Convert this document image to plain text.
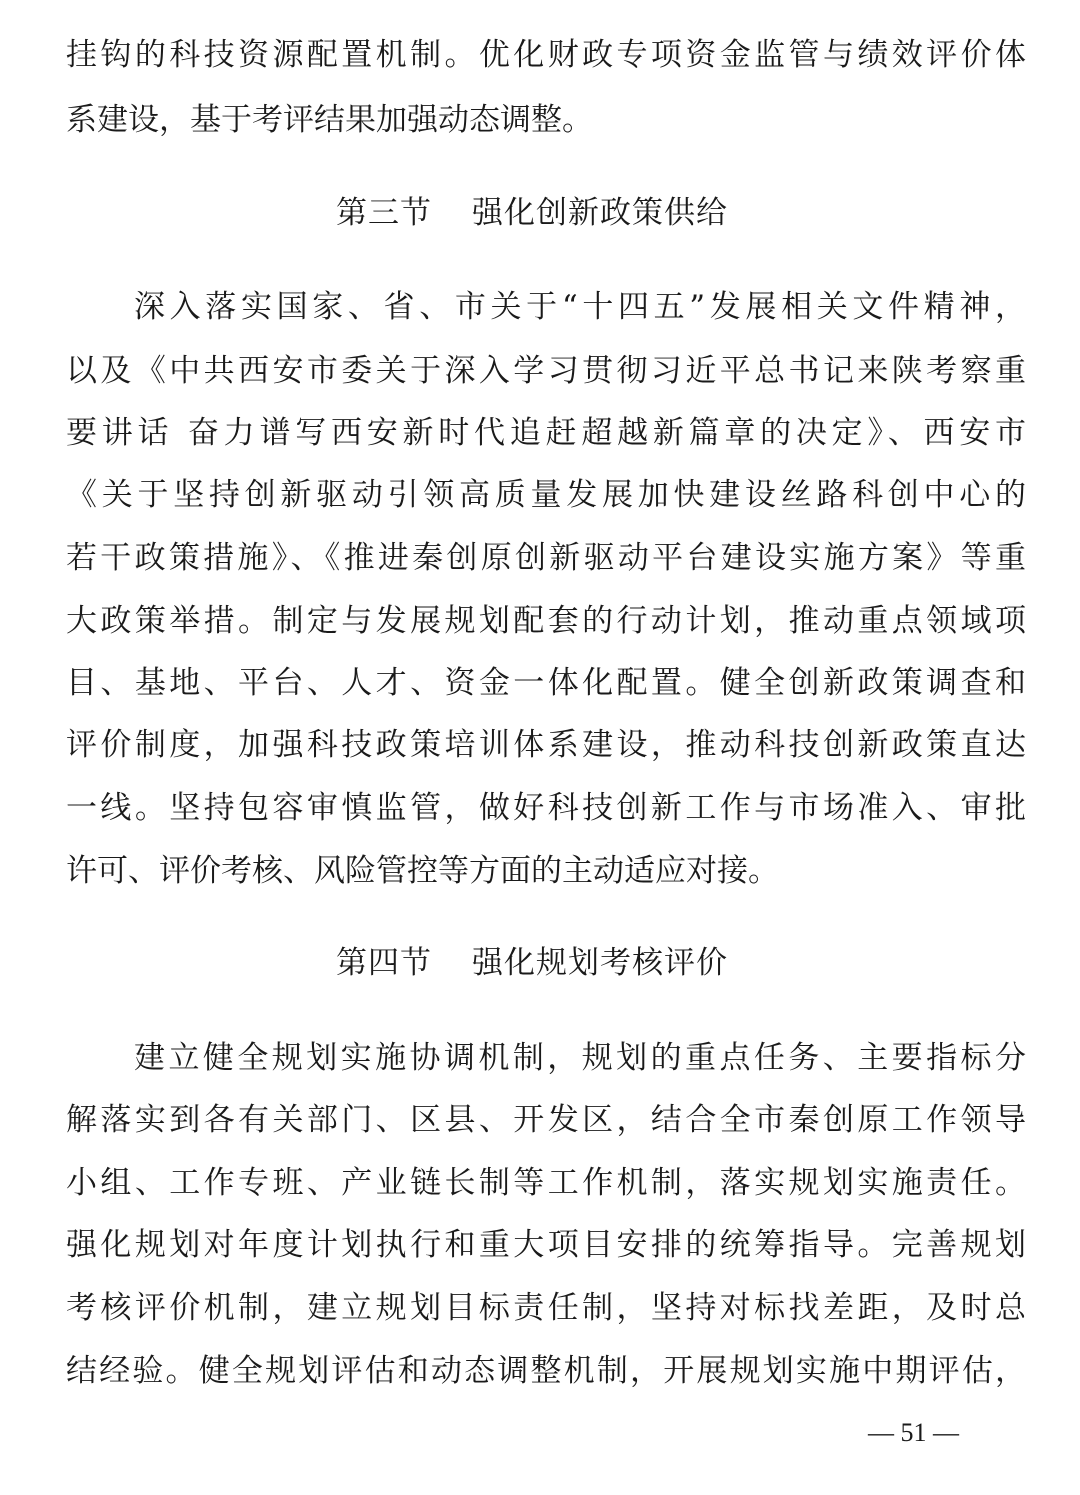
挂钩的科技资源配置机制。优化财政专项资金监管与绩效评价体
系建设，基于考评结果加强动态调整。
第三节 强化创新政策供给
深入落实国家、省、市关于“十四五”发展相关文件精神，
以及《中共西安市委关于深入学习贯彻习近平总书记来陕考察重
要讲话 奋力谱写西安新时代追赶超越新篇章的决定》、西安市
《关于坚持创新驱动引领高质量发展加快建设丝路科创中心的
若干政策措施》、《推进秦创原创新驱动平台建设实施方案》等重
大政策举措。制定与发展规划配套的行动计划，推动重点领域项
目、基地、平台、人才、资金一体化配置。健全创新政策调查和
评价制度，加强科技政策培训体系建设，推动科技创新政策直达
一线。坚持包容审慎监管，做好科技创新工作与市场准入、审批
许可、评价考核、风险管控等方面的主动适应对接。
第四节 强化规划考核评价
建立健全规划实施协调机制，规划的重点任务、主要指标分
解落实到各有关部门、区县、开发区，结合全市秦创原工作领导
小组、工作专班、产业链长制等工作机制，落实规划实施责任。
强化规划对年度计划执行和重大项目安排的统筹指导。完善规划
考核评价机制，建立规划目标责任制，坚持对标找差距，及时总
结经验。健全规划评估和动态调整机制，开展规划实施中期评估，
— 51 —
